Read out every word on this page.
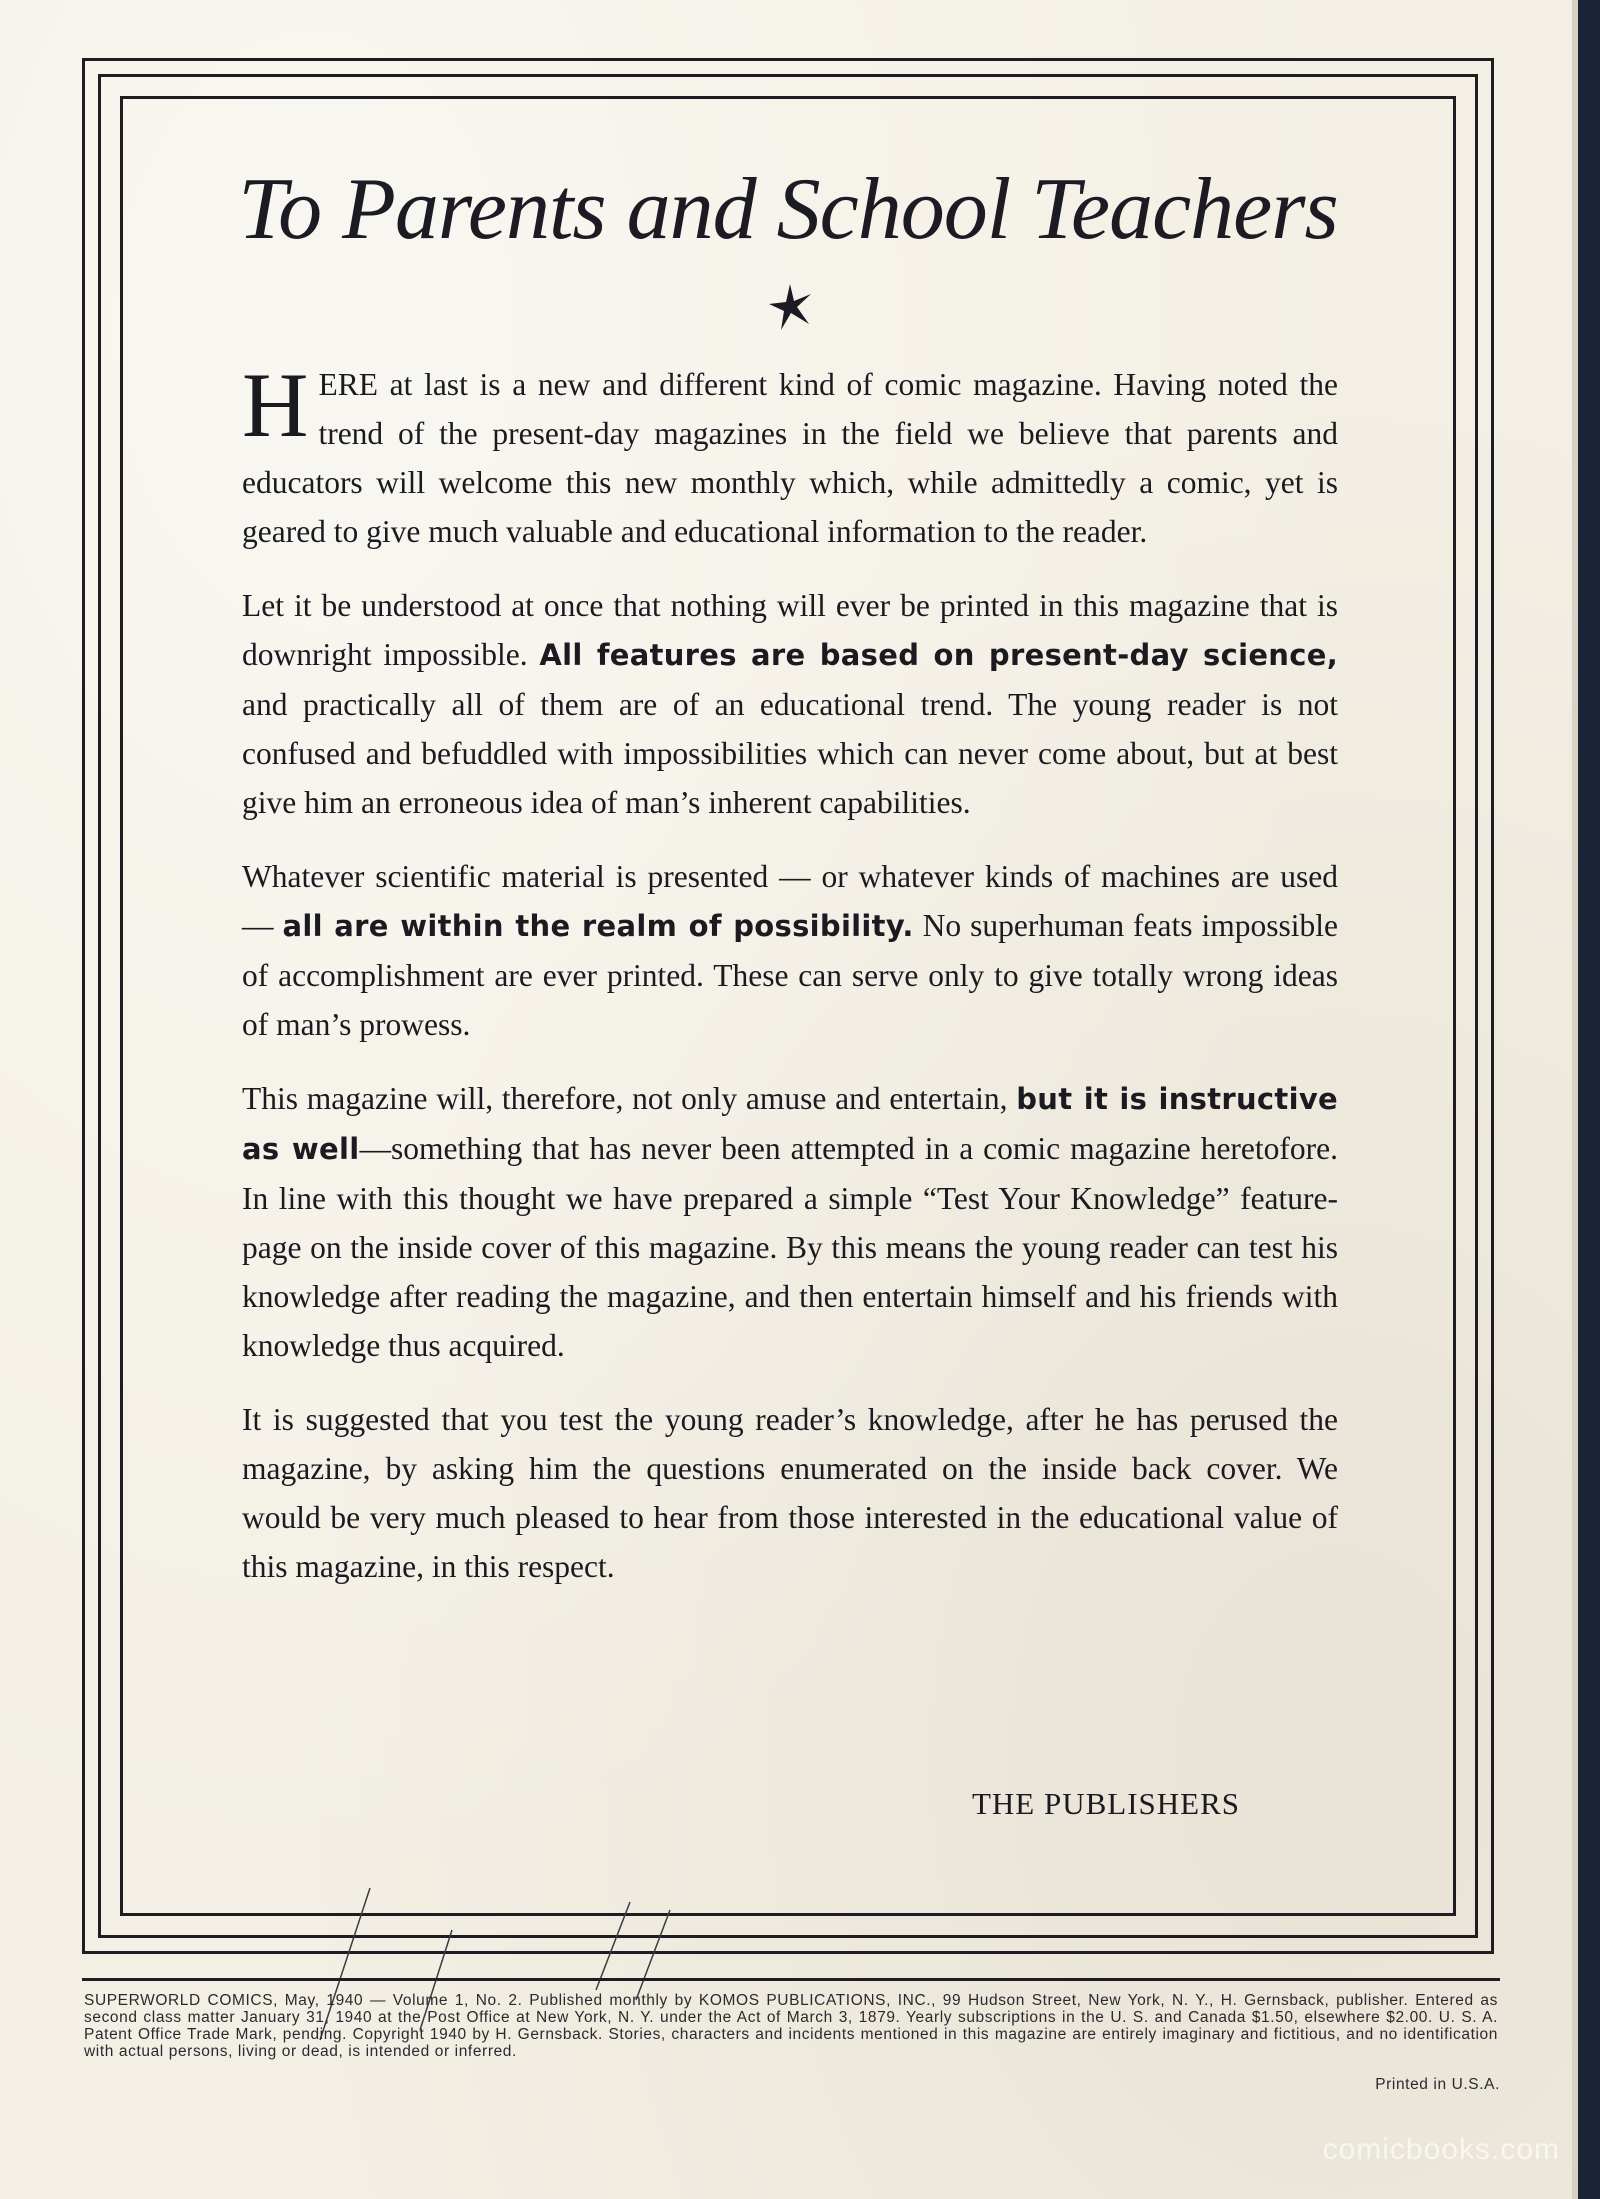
To Parents and School Teachers

HERE at last is a new and different kind of comic magazine. Having noted the trend of the present-day magazines in the field we believe that parents and educators will welcome this new monthly which, while admittedly a comic, yet is geared to give much valuable and educational information to the reader.

Let it be understood at once that nothing will ever be printed in this magazine that is downright impossible. All features are based on present-day science, and practically all of them are of an educational trend. The young reader is not confused and befuddled with impossibilities which can never come about, but at best give him an erroneous idea of man’s inherent capabilities.

Whatever scientific material is presented — or whatever kinds of machines are used — all are within the realm of possibility. No superhuman feats impossible of accomplishment are ever printed. These can serve only to give totally wrong ideas of man’s prowess.

This magazine will, therefore, not only amuse and entertain, but it is instructive as well—something that has never been attempted in a comic magazine heretofore. In line with this thought we have prepared a simple “Test Your Knowledge” feature-page on the inside cover of this magazine. By this means the young reader can test his knowledge after reading the magazine, and then entertain himself and his friends with knowledge thus acquired.

It is suggested that you test the young reader’s knowledge, after he has perused the magazine, by asking him the questions enumerated on the inside back cover. We would be very much pleased to hear from those interested in the educational value of this magazine, in this respect.

THE PUBLISHERS
SUPERWORLD COMICS, May, 1940 — Volume 1, No. 2. Published monthly by KOMOS PUBLICATIONS, INC., 99 Hudson Street, New York, N. Y., H. Gernsback, publisher. Entered as second class matter January 31, 1940 at the Post Office at New York, N. Y. under the Act of March 3, 1879. Yearly subscriptions in the U. S. and Canada $1.50, elsewhere $2.00. U. S. A. Patent Office Trade Mark, pending. Copyright 1940 by H. Gernsback. Stories, characters and incidents mentioned in this magazine are entirely imaginary and fictitious, and no identification with actual persons, living or dead, is intended or inferred.
Printed in U.S.A.
comicbooks.com
